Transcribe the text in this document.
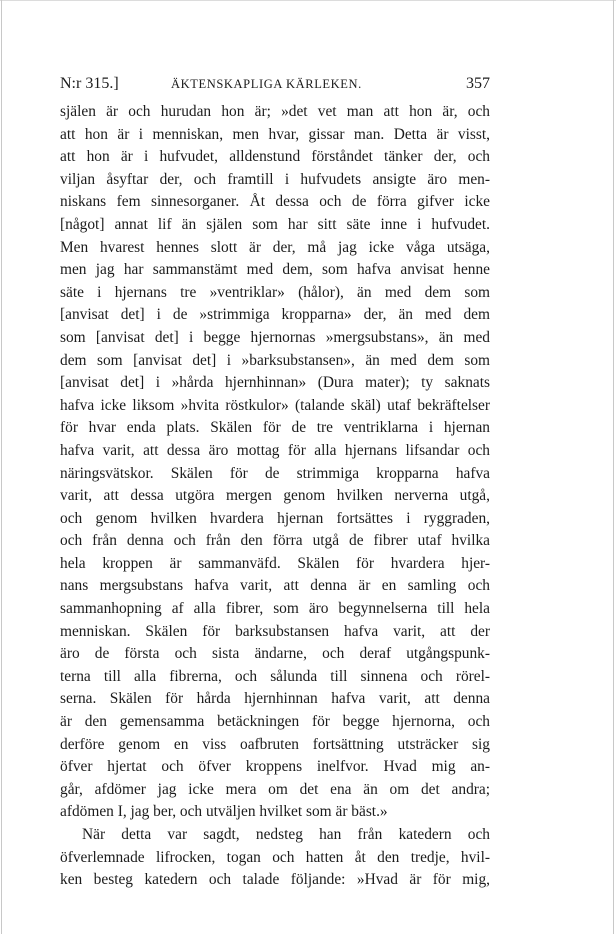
N:r 315.]	ÄKTENSKAPLIGA KÄRLEKEN.	357
själen är och hurudan hon är; »det vet man att hon är, och
att hon är i menniskan, men hvar, gissar man. Detta är visst,
att hon är i hufvudet, alldenstund förståndet tänker der, och
viljan åsyftar der, och framtill i hufvudets ansigte äro men-
niskans fem sinnesorganer. Åt dessa och de förra gifver icke
[något] annat lif än själen som har sitt säte inne i hufvudet.
Men hvarest hennes slott är der, må jag icke våga utsäga,
men jag har sammanstämt med dem, som hafva anvisat henne
säte i hjernans tre »ventriklar» (hålor), än med dem som
[anvisat det] i de »strimmiga kropparna» der, än med dem
som [anvisat det] i begge hjernornas »mergsubstans», än med
dem som [anvisat det] i »barksubstansen», än med dem som
[anvisat det] i »hårda hjernhinnan» (Dura mater); ty saknats
hafva icke liksom »hvita röstkulor» (talande skäl) utaf bekräftelser
för hvar enda plats. Skälen för de tre ventriklarna i hjernan
hafva varit, att dessa äro mottag för alla hjernans lifsandar och
näringsvätskor. Skälen för de strimmiga kropparna hafva
varit, att dessa utgöra mergen genom hvilken nerverna utgå,
och genom hvilken hvardera hjernan fortsättes i ryggraden,
och från denna och från den förra utgå de fibrer utaf hvilka
hela kroppen är sammanväfd. Skälen för hvardera hjer-
nans mergsubstans hafva varit, att denna är en samling och
sammanhopning af alla fibrer, som äro begynnelserna till hela
menniskan. Skälen för barksubstansen hafva varit, att der
äro de första och sista ändarne, och deraf utgångspunk-
terna till alla fibrerna, och sålunda till sinnena och rörel-
serna. Skälen för hårda hjernhinnan hafva varit, att denna
är den gemensamma betäckningen för begge hjernorna, och
derföre genom en viss oafbruten fortsättning utsträcker sig
öfver hjertat och öfver kroppens inelfvor. Hvad mig an-
går, afdömer jag icke mera om det ena än om det andra;
afdömen I, jag ber, och utväljen hvilket som är bäst.»
När detta var sagdt, nedsteg han från katedern och
öfverlemnade lifrocken, togan och hatten åt den tredje, hvil-
ken besteg katedern och talade följande: »Hvad är för mig,
